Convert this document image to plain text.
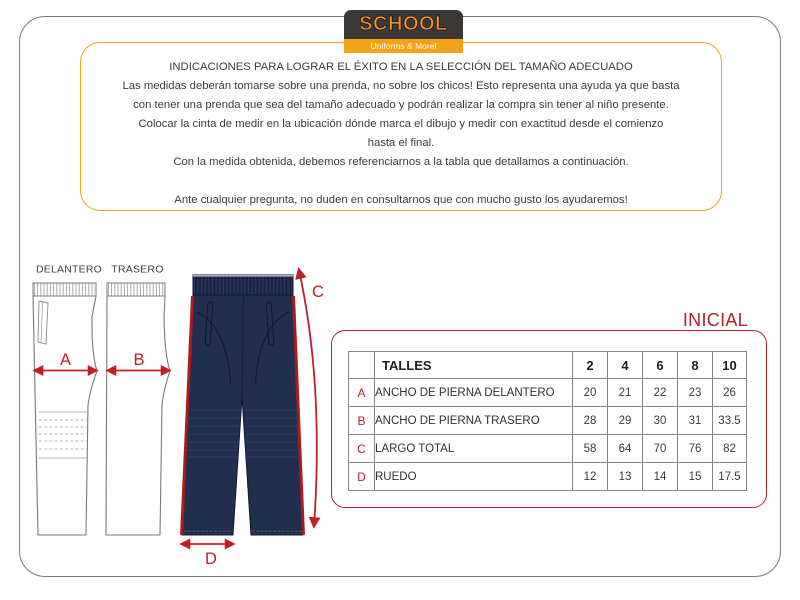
SCHOOL
Uniforms & Morel
INDICACIONES PARA LOGRAR EL ÉXITO EN LA SELECCIÓN DEL TAMAÑO ADECUADO
Las medidas deberán tomarse sobre una prenda, no sobre los chicos! Esto representa una ayuda ya que basta
con tener una prenda que sea del tamaño adecuado y podrán realizar la compra sin tener al niño presente.
Colocar la cinta de medir en la ubicación dónde marca el dibujo y medir con exactitud desde el comienzo
hasta el final.
Con la medida obtenida, debemos referenciarnos a la tabla que detallamos a continuación.
Ante cualquier pregunta, no duden en consultarnos que con mucho gusto los ayudaremos!
DELANTERO TRASERO
A	B
C
D
INICIAL
	TALLES	2	4	6	8	10
A	ANCHO DE PIERNA DELANTERO	20	21	22	23	26
B	ANCHO DE PIERNA TRASERO	28	29	30	31	33.5
C	LARGO TOTAL	58	64	70	76	82
D	RUEDO	12	13	14	15	17.5
